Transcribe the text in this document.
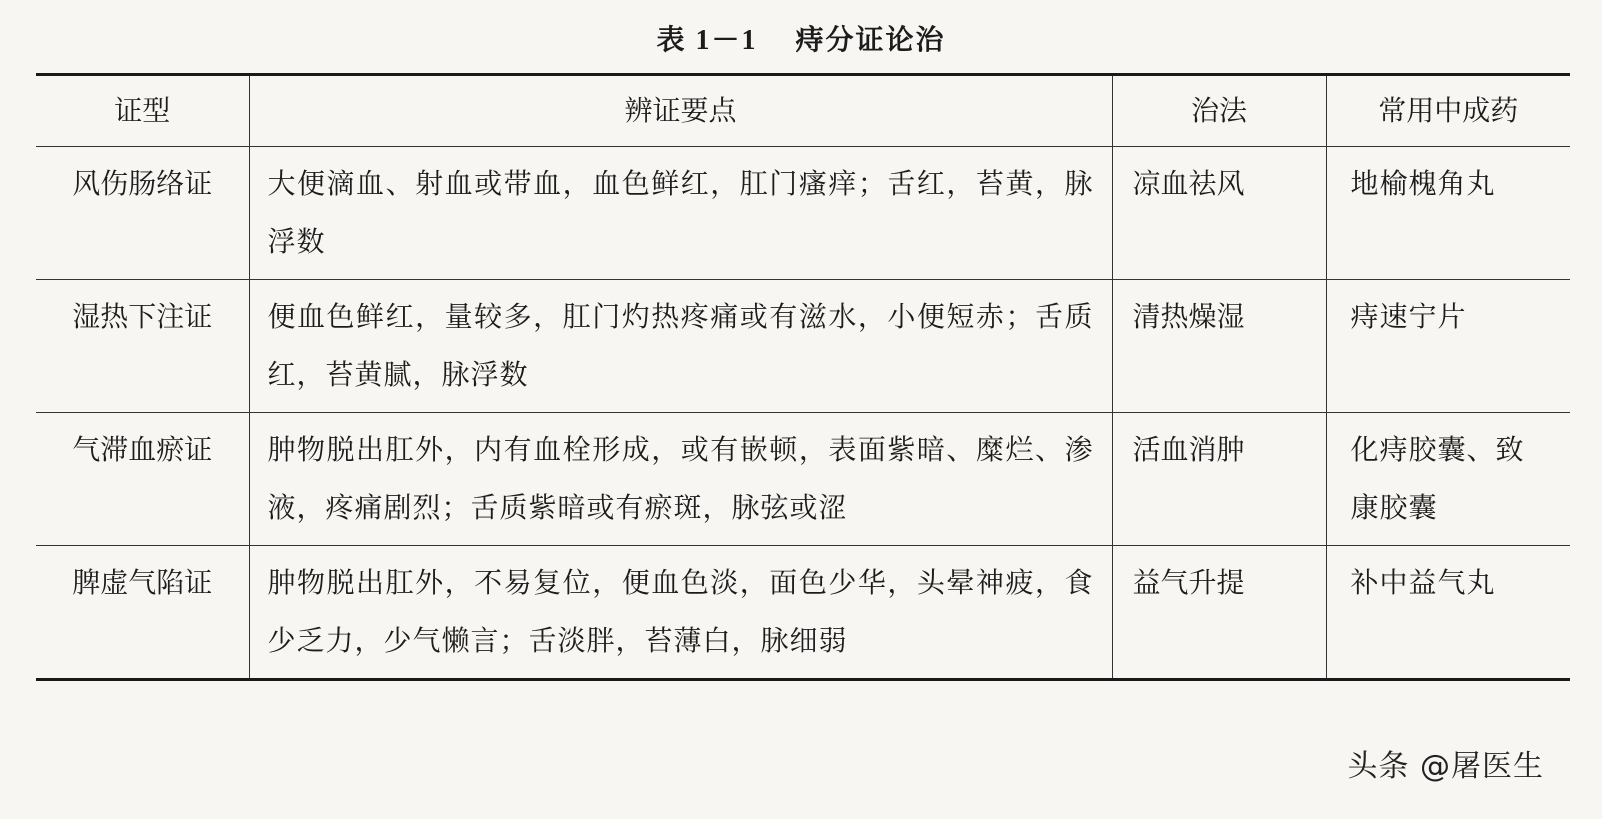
表 1－1 痔分证论治
证型	辨证要点	治法	常用中成药
风伤肠络证	大便滴血、射血或带血，血色鲜红，肛门瘙痒；舌红，苔黄，脉浮数	凉血祛风	地榆槐角丸
湿热下注证	便血色鲜红，量较多，肛门灼热疼痛或有滋水，小便短赤；舌质红，苔黄腻，脉浮数	清热燥湿	痔速宁片
气滞血瘀证	肿物脱出肛外，内有血栓形成，或有嵌顿，表面紫暗、糜烂、渗液，疼痛剧烈；舌质紫暗或有瘀斑，脉弦或涩	活血消肿	化痔胶囊、致康胶囊
脾虚气陷证	肿物脱出肛外，不易复位，便血色淡，面色少华，头晕神疲，食少乏力，少气懒言；舌淡胖，苔薄白，脉细弱	益气升提	补中益气丸
头条 @屠医生
